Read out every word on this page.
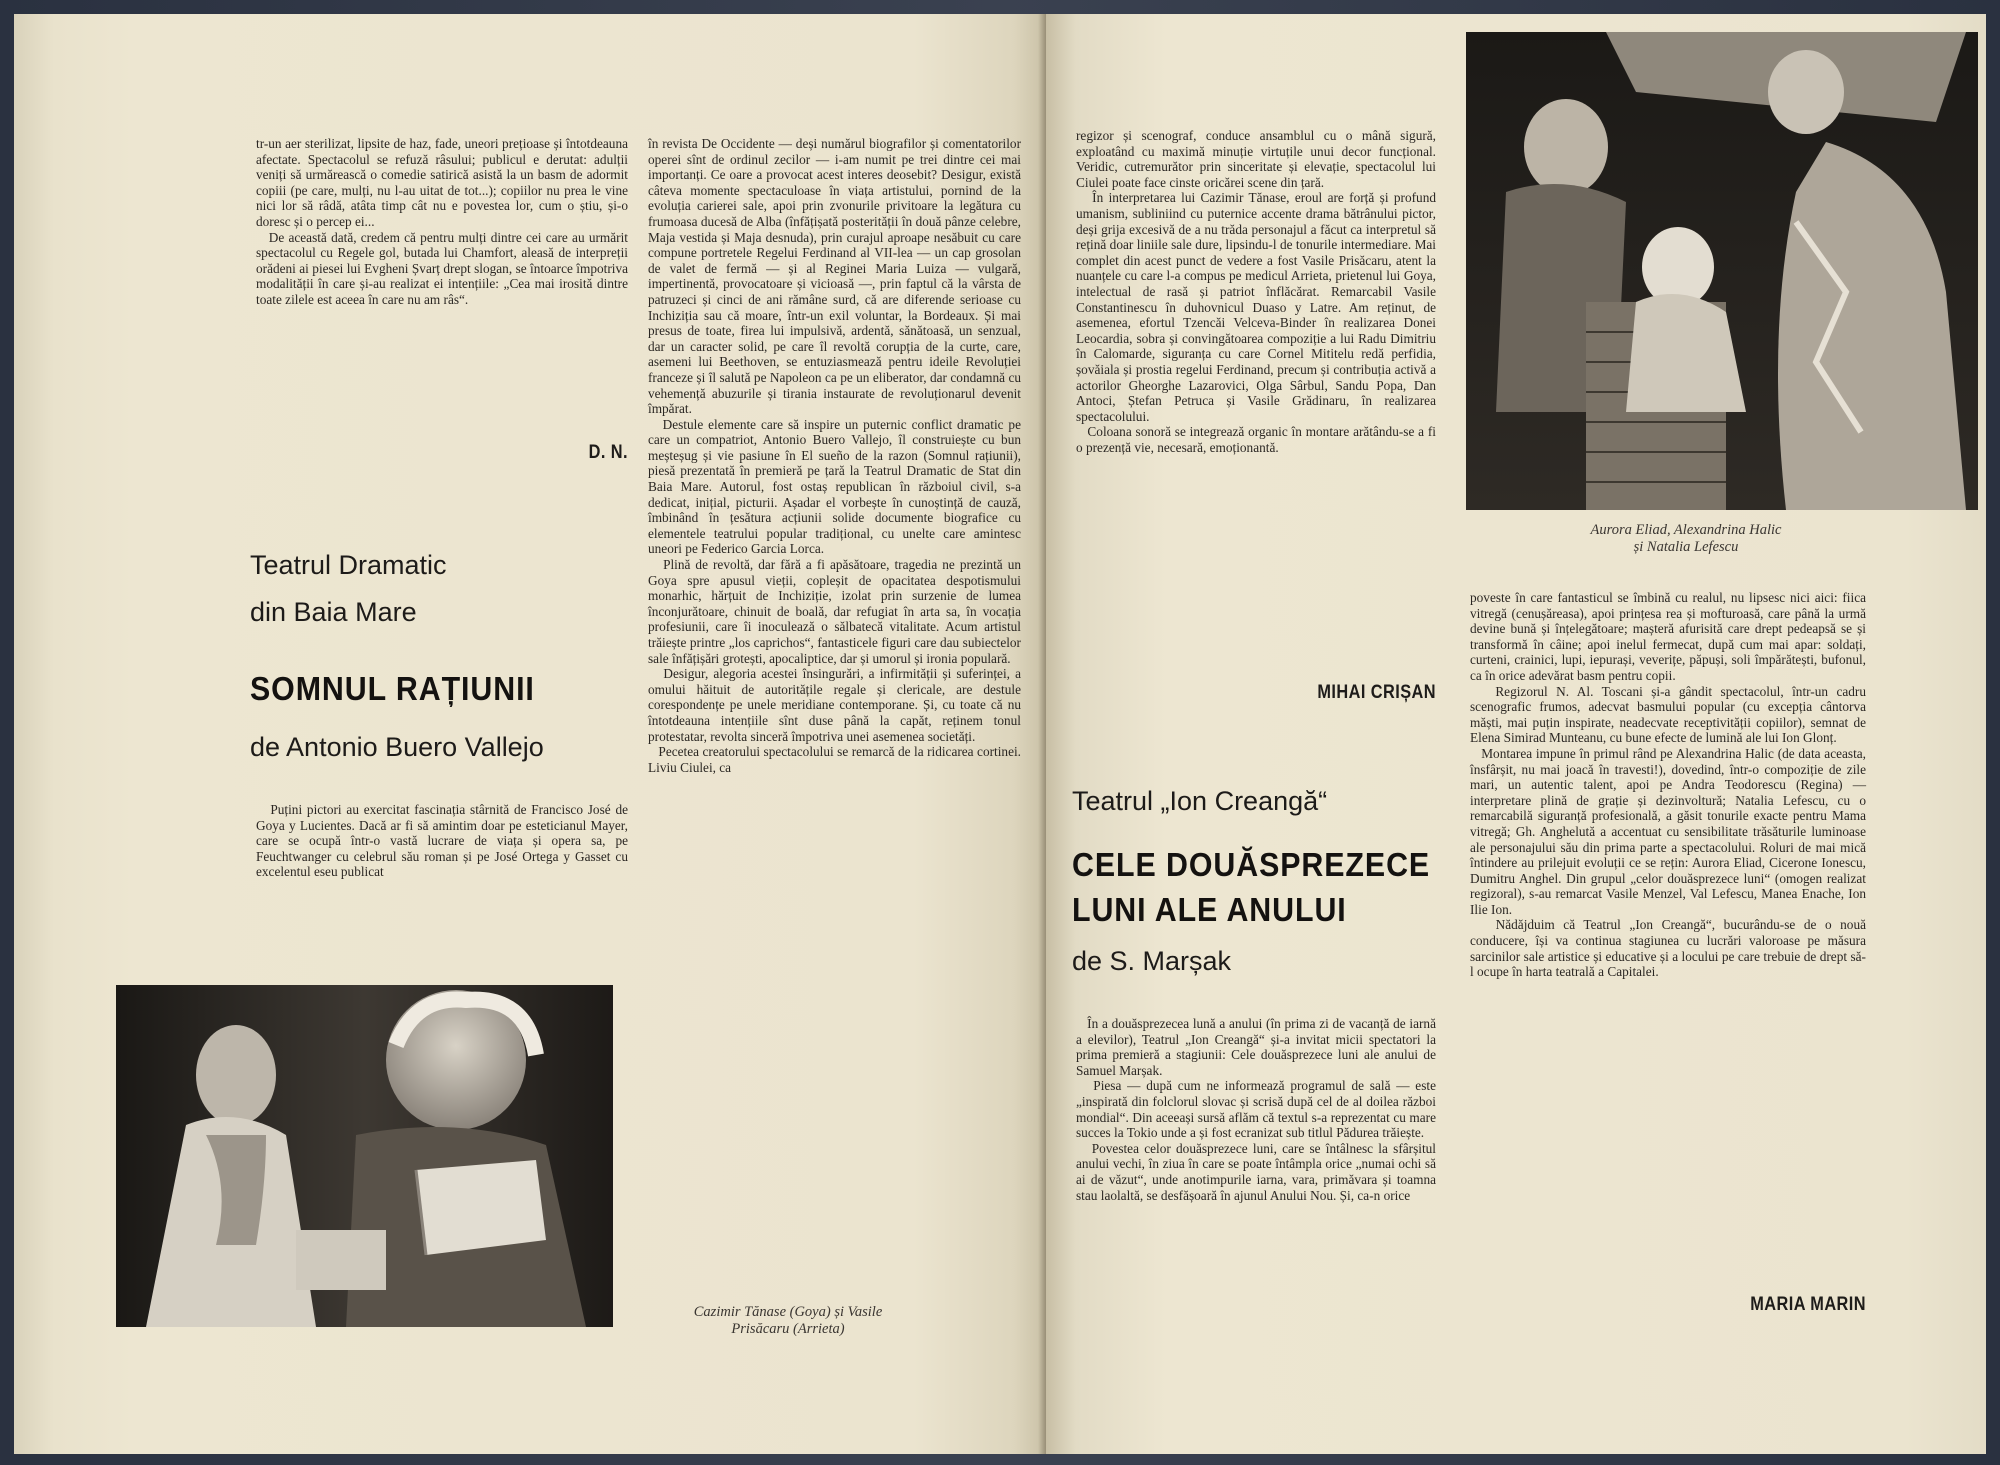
tr-un aer sterilizat, lipsite de haz, fade, uneori prețioase și întotdeauna afectate. Spectacolul se refuză râsului; publicul e derutat: adulții veniți să urmărească o comedie satirică asistă la un basm de adormit copiii (pe care, mulți, nu l-au uitat de tot...); copiilor nu prea le vine nici lor să râdă, atâta timp cât nu e povestea lor, cum o știu, și-o doresc și o percep ei...
De această dată, credem că pentru mulți dintre cei care au urmărit spectacolul cu Regele gol, butada lui Chamfort, aleasă de interpreții orădeni ai piesei lui Evgheni Șvarț drept slogan, se întoarce împotriva modalității în care și-au realizat ei intențiile: „Cea mai irosită dintre toate zilele est aceea în care nu am râs“.

D. N.
Teatrul Dramatic
din Baia Mare
SOMNUL RAȚIUNII
de Antonio Buero Vallejo

Puțini pictori au exercitat fascinația stârnită de Francisco José de Goya y Lucientes. Dacă ar fi să amintim doar pe esteticianul Mayer, care se ocupă într-o vastă lucrare de viața și opera sa, pe Feuchtwanger cu celebrul său roman și pe José Ortega y Gasset cu excelentul eseu publicat

în revista De Occidente — deși numărul biografilor și comentatorilor operei sînt de ordinul zecilor — i-am numit pe trei dintre cei mai importanți. Ce oare a provocat acest interes deosebit? Desigur, există câteva momente spectaculoase în viața artistului, pornind de la evoluția carierei sale, apoi prin zvonurile privitoare la legătura cu frumoasa ducesă de Alba (înfățișată posterității în două pânze celebre, Maja vestida și Maja desnuda), prin curajul aproape nesăbuit cu care compune portretele Regelui Ferdinand al VII-lea — un cap grosolan de valet de fermă — și al Reginei Maria Luiza — vulgară, impertinentă, provocatoare și vicioasă —, prin faptul că la vârsta de patruzeci și cinci de ani rămâne surd, că are diferende serioase cu Inchiziția sau că moare, într-un exil voluntar, la Bordeaux. Și mai presus de toate, firea lui impulsivă, ardentă, sănătoasă, un senzual, dar un caracter solid, pe care îl revoltă corupția de la curte, care, asemeni lui Beethoven, se entuziasmează pentru ideile Revoluției franceze și îl salută pe Napoleon ca pe un eliberator, dar condamnă cu vehemență abuzurile și tirania instaurate de revoluționarul devenit împărat.
Destule elemente care să inspire un puternic conflict dramatic pe care un compatriot, Antonio Buero Vallejo, îl construiește cu bun meșteșug și vie pasiune în El sueño de la razon (Somnul rațiunii), piesă prezentată în premieră pe țară la Teatrul Dramatic de Stat din Baia Mare. Autorul, fost ostaș republican în războiul civil, s-a dedicat, inițial, picturii. Așadar el vorbește în cunoștință de cauză, îmbinând în țesătura acțiunii solide documente biografice cu elementele teatrului popular tradițional, cu unelte care amintesc uneori pe Federico Garcia Lorca.
Plină de revoltă, dar fără a fi apăsătoare, tragedia ne prezintă un Goya spre apusul vieții, copleșit de opacitatea despotismului monarhic, hărțuit de Inchiziție, izolat prin surzenie de lumea înconjurătoare, chinuit de boală, dar refugiat în arta sa, în vocația profesiunii, care îi inoculează o sălbatecă vitalitate. Acum artistul trăiește printre „los caprichos“, fantasticele figuri care dau subiectelor sale înfățișări grotești, apocaliptice, dar și umorul și ironia populară.
Desigur, alegoria acestei însingurări, a infirmității și suferinței, a omului hăituit de autoritățile regale și clericale, are destule corespondențe pe unele meridiane contemporane. Și, cu toate că nu întotdeauna intențiile sînt duse până la capăt, reținem tonul protestatar, revolta sinceră împotriva unei asemenea societăți.
Pecetea creatorului spectacolului se remarcă de la ridicarea cortinei. Liviu Ciulei, ca

Cazimir Tănase (Goya) și Vasile
Prisăcaru (Arrieta)

regizor și scenograf, conduce ansamblul cu o mână sigură, exploatând cu maximă minuție virtuțile unui decor funcțional. Veridic, cutremurător prin sinceritate și elevație, spectacolul lui Ciulei poate face cinste oricărei scene din țară.
În interpretarea lui Cazimir Tănase, eroul are forță și profund umanism, subliniind cu puternice accente drama bătrânului pictor, deși grija excesivă de a nu trăda personajul a făcut ca interpretul să rețină doar liniile sale dure, lipsindu-l de tonurile intermediare. Mai complet din acest punct de vedere a fost Vasile Prisăcaru, atent la nuanțele cu care l-a compus pe medicul Arrieta, prietenul lui Goya, intelectual de rasă și patriot înflăcărat. Remarcabil Vasile Constantinescu în duhovnicul Duaso y Latre. Am reținut, de asemenea, efortul Tzencăi Velceva-Binder în realizarea Donei Leocardia, sobra și convingătoarea compoziție a lui Radu Dimitriu în Calomarde, siguranța cu care Cornel Mititelu redă perfidia, șovăiala și prostia regelui Ferdinand, precum și contribuția activă a actorilor Gheorghe Lazarovici, Olga Sârbul, Sandu Popa, Dan Antoci, Ștefan Petruca și Vasile Grădinaru, în realizarea spectacolului.
Coloana sonoră se integrează organic în montare arătându-se a fi o prezență vie, necesară, emoționantă.

MIHAI CRIȘAN
Teatrul „Ion Creangă“
CELE DOUĂSPREZECE
LUNI ALE ANULUI
de S. Marșak

În a douăsprezecea lună a anului (în prima zi de vacanță de iarnă a elevilor), Teatrul „Ion Creangă“ și-a invitat micii spectatori la prima premieră a stagiunii: Cele douăsprezece luni ale anului de Samuel Marșak.
Piesa — după cum ne informează programul de sală — este „inspirată din folclorul slovac și scrisă după cel de al doilea război mondial“. Din aceeași sursă aflăm că textul s-a reprezentat cu mare succes la Tokio unde a și fost ecranizat sub titlul Pădurea trăiește.
Povestea celor douăsprezece luni, care se întâlnesc la sfârșitul anului vechi, în ziua în care se poate întâmpla orice „numai ochi să ai de văzut“, unde anotimpurile iarna, vara, primăvara și toamna stau laolaltă, se desfășoară în ajunul Anului Nou. Și, ca-n orice

Aurora Eliad, Alexandrina Halic
și Natalia Lefescu

poveste în care fantasticul se îmbină cu realul, nu lipsesc nici aici: fiica vitregă (cenușăreasa), apoi prințesa rea și mofturoasă, care până la urmă devine bună și înțelegătoare; mașteră afurisită care drept pedeapsă se și transformă în câine; apoi inelul fermecat, după cum mai apar: soldați, curteni, crainici, lupi, iepurași, veverițe, păpuși, soli împărătești, bufonul, ca în orice adevărat basm pentru copii.
Regizorul N. Al. Toscani și-a gândit spectacolul, într-un cadru scenografic frumos, adecvat basmului popular (cu excepția cântorva măști, mai puțin inspirate, neadecvate receptivității copiilor), semnat de Elena Simirad Munteanu, cu bune efecte de lumină ale lui Ion Glonț.
Montarea impune în primul rând pe Alexandrina Halic (de data aceasta, însfârșit, nu mai joacă în travesti!), dovedind, într-o compoziție de zile mari, un autentic talent, apoi pe Andra Teodorescu (Regina) — interpretare plină de grație și dezinvoltură; Natalia Lefescu, cu o remarcabilă siguranță profesională, a găsit tonurile exacte pentru Mama vitregă; Gh. Anghelută a accentuat cu sensibilitate trăsăturile luminoase ale personajului său din prima parte a spectacolului. Roluri de mai mică întindere au prilejuit evoluții ce se rețin: Aurora Eliad, Cicerone Ionescu, Dumitru Anghel. Din grupul „celor douăsprezece luni“ (omogen realizat regizoral), s-au remarcat Vasile Menzel, Val Lefescu, Manea Enache, Ion Ilie Ion.
Nădăjduim că Teatrul „Ion Creangă“, bucurându-se de o nouă conducere, își va continua stagiunea cu lucrări valoroase pe măsura sarcinilor sale artistice și educative și a locului pe care trebuie de drept să-l ocupe în harta teatrală a Capitalei.

MARIA MARIN
